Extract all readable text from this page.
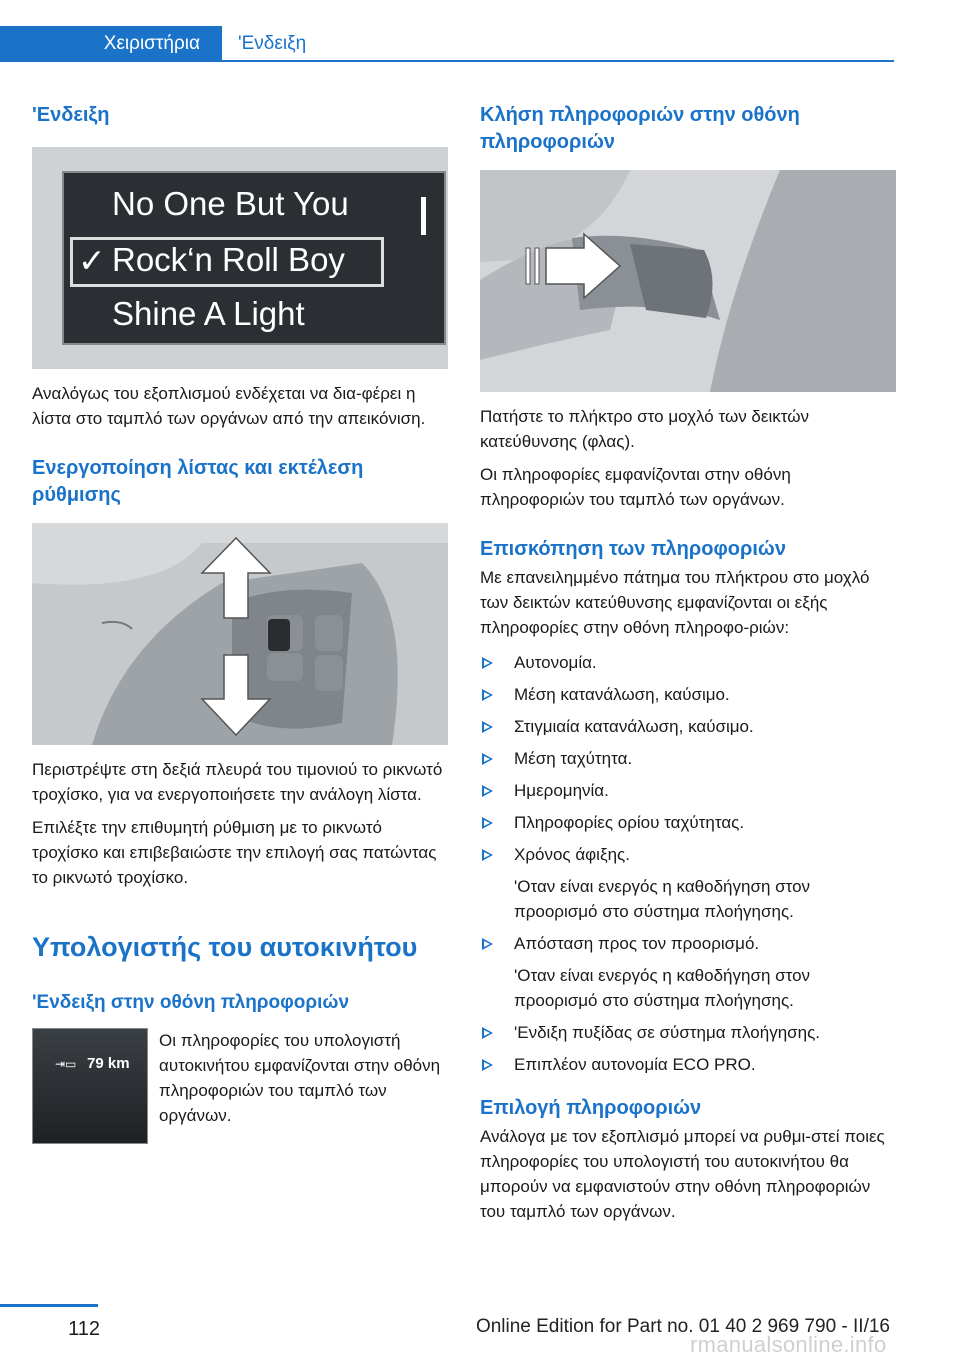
Χειριστήρια	'Ενδειξη
'Ενδειξη
No One But You
✓ Rock‘n Roll Boy
Shine A Light

Αναλόγως του εξοπλισμού ενδέχεται να δια-φέρει η λίστα στο ταμπλό των οργάνων από την απεικόνιση.

Ενεργοποίηση λίστας και εκτέλεση ρύθμισης

Περιστρέψτε στη δεξιά πλευρά του τιμονιού το ρικνωτό τροχίσκο, για να ενεργοποιήσετε την ανάλογη λίστα.

Επιλέξτε την επιθυμητή ρύθμιση με το ρικνωτό τροχίσκο και επιβεβαιώστε την επιλογή σας πατώντας το ρικνωτό τροχίσκο.

Υπολογιστής του αυτοκινήτου
'Ενδειξη στην οθόνη πληροφοριών
⇥▭ 79 km

Οι πληροφορίες του υπολογιστή αυτοκινήτου εμφανίζονται στην οθόνη πληροφοριών του ταμπλό των οργάνων.

Κλήση πληροφοριών στην οθόνη πληροφοριών

Πατήστε το πλήκτρο στο μοχλό των δεικτών κατεύθυνσης (φλας).

Οι πληροφορίες εμφανίζονται στην οθόνη πληροφοριών του ταμπλό των οργάνων.

Επισκόπηση των πληροφοριών

Με επανειλημμένο πάτημα του πλήκτρου στο μοχλό των δεικτών κατεύθυνσης εμφανίζονται οι εξής πληροφορίες στην οθόνη πληροφο-ριών:

Αυτονομία.
Μέση κατανάλωση, καύσιμο.
Στιγμιαία κατανάλωση, καύσιμο.
Μέση ταχύτητα.
Ημερομηνία.
Πληροφορίες ορίου ταχύτητας.
Χρόνος άφιξης.
'Οταν είναι ενεργός η καθοδήγηση στον προορισμό στο σύστημα πλοήγησης.
Απόσταση προς τον προορισμό.
'Οταν είναι ενεργός η καθοδήγηση στον προορισμό στο σύστημα πλοήγησης.
'Ενδιξη πυξίδας σε σύστημα πλοήγησης.
Επιπλέον αυτονομία ECO PRO.
Επιλογή πληροφοριών

Ανάλογα με τον εξοπλισμό μπορεί να ρυθμι-στεί ποιες πληροφορίες του υπολογιστή του αυτοκινήτου θα μπορούν να εμφανιστούν στην οθόνη πληροφοριών του ταμπλό των οργάνων.

112	Online Edition for Part no. 01 40 2 969 790 - II/16
rmanualsonline.info
